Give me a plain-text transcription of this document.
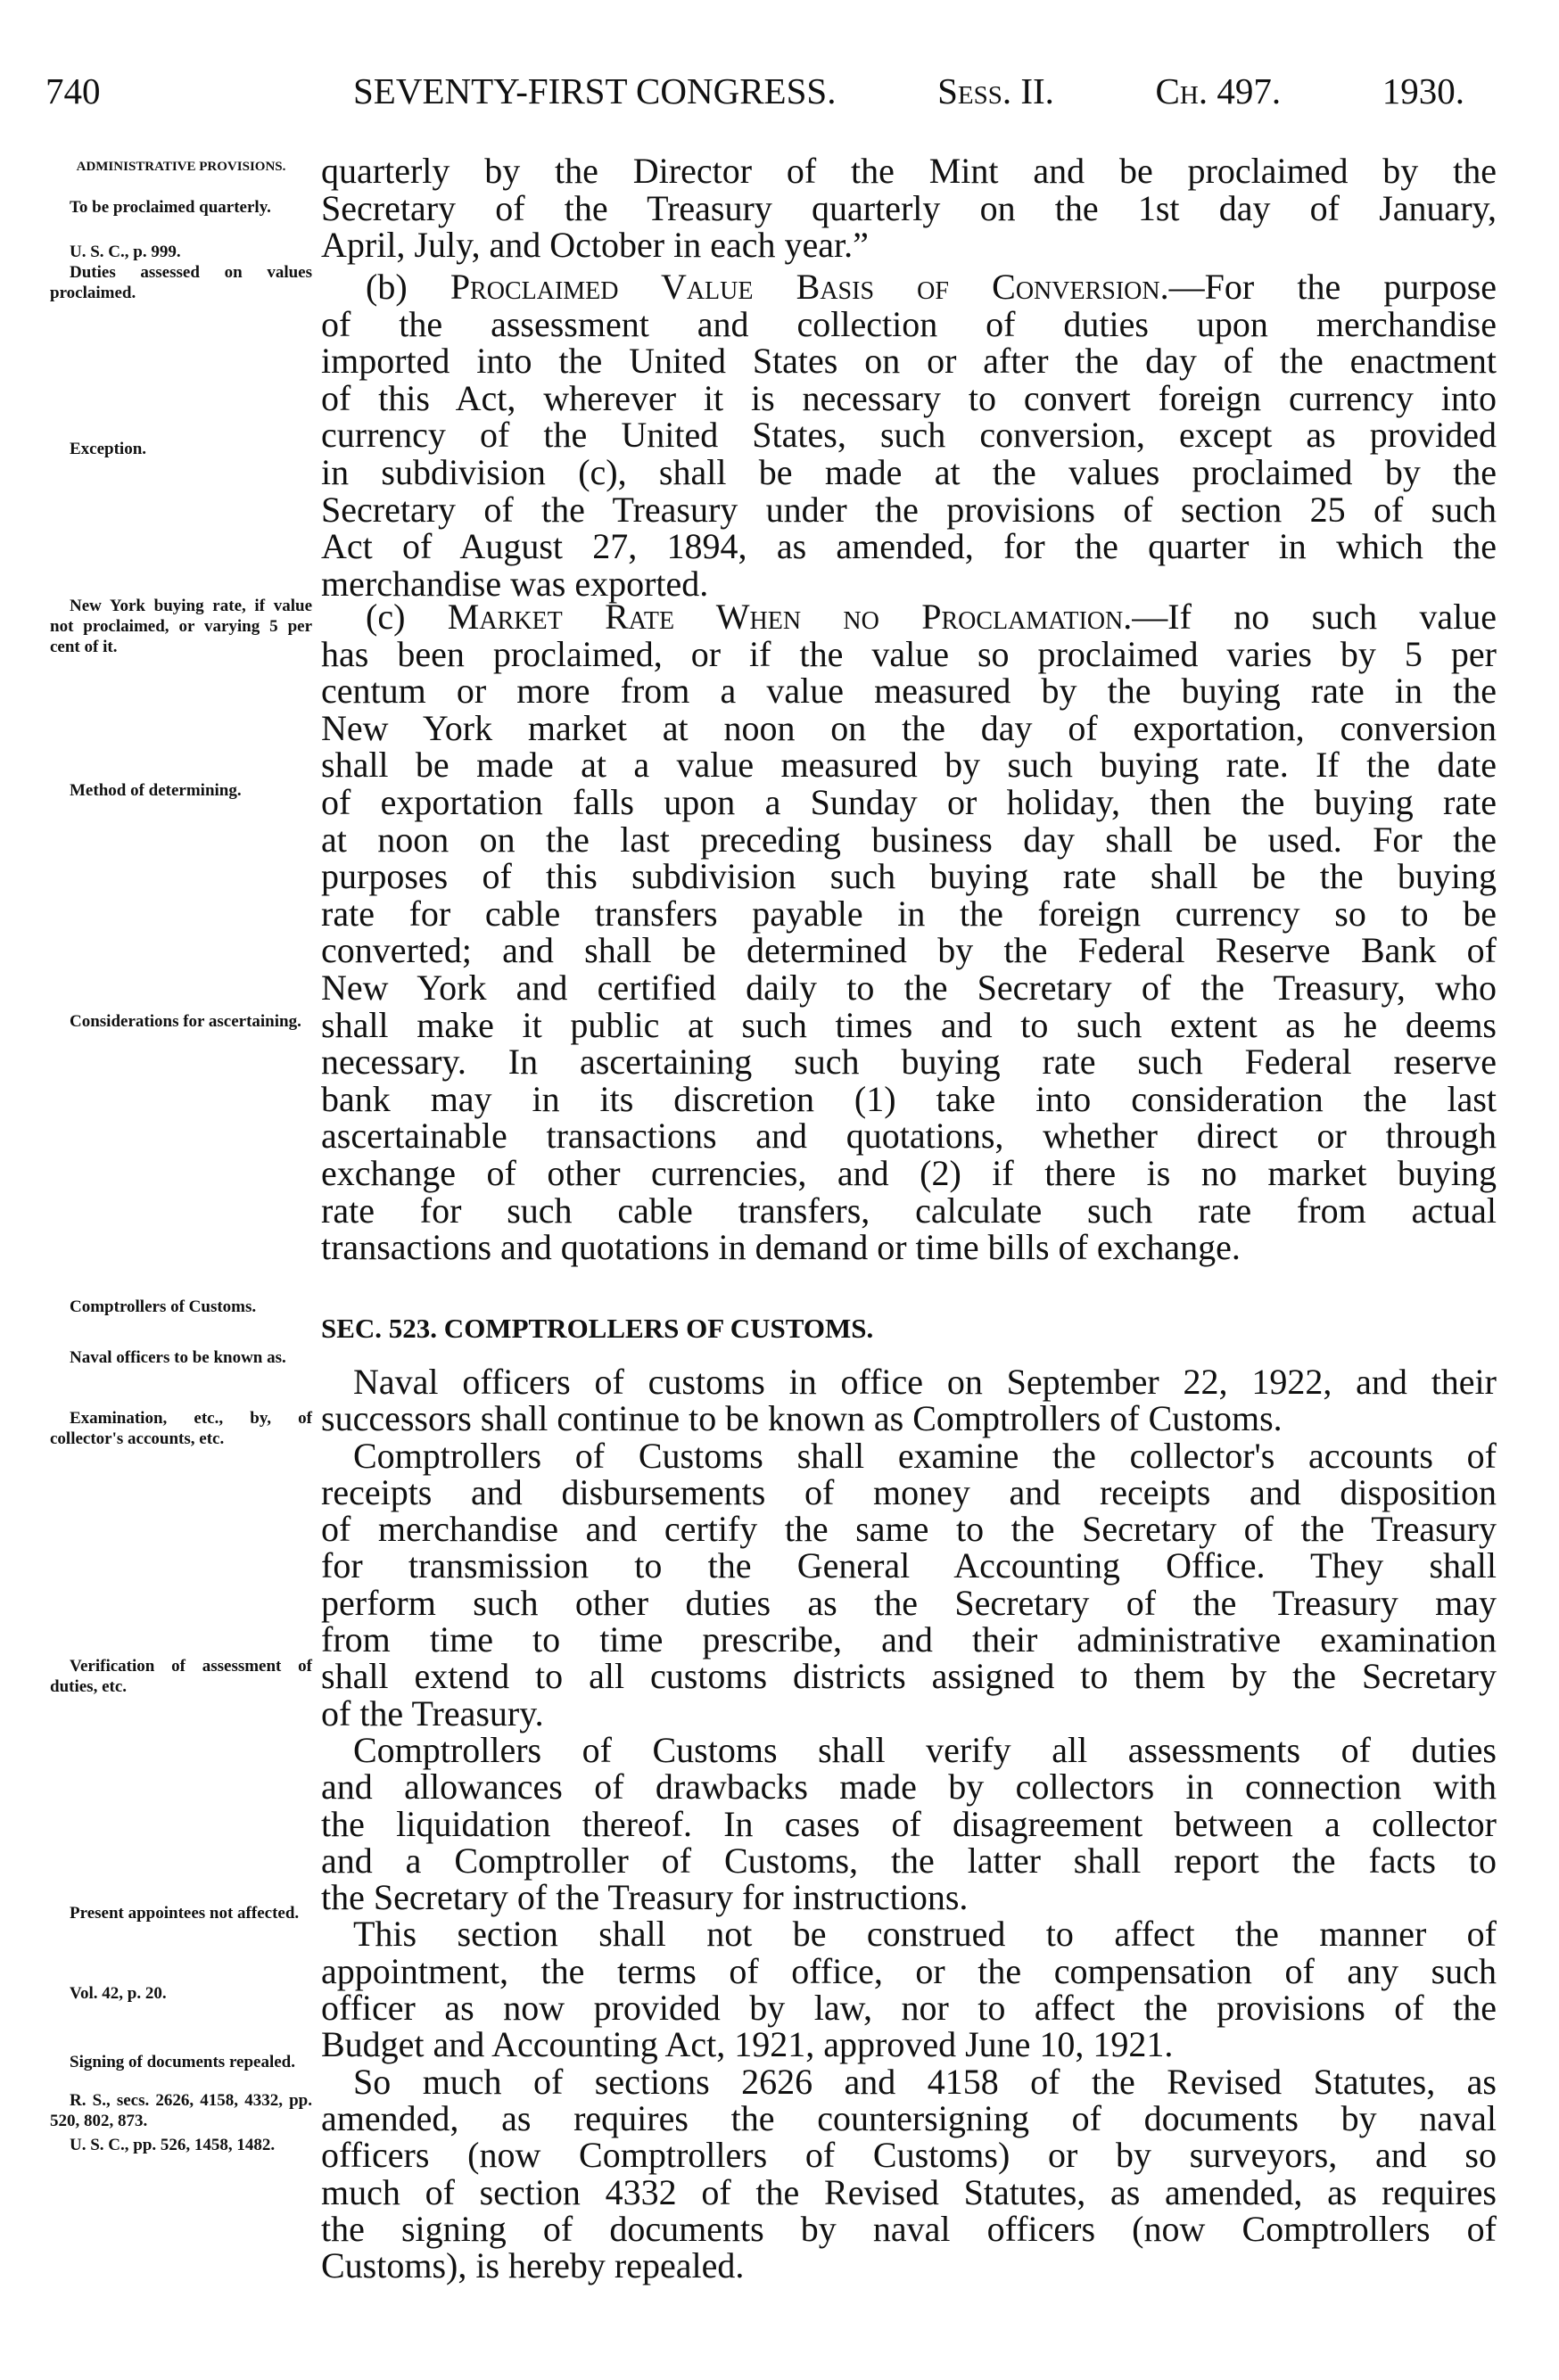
740	SEVENTY-FIRST CONGRESS.	Sess. II.	Ch. 497.	1930.
ADMINISTRATIVE PROVISIONS.
To be proclaimed quarterly.
U. S. C., p. 999.
Duties assessed on values proclaimed.
Exception.
New York buying rate, if value not proclaimed, or varying 5 per cent of it.
Method of determining.
Considerations for ascertaining.
Comptrollers of Customs.
Naval officers to be known as.
Examination, etc., by, of collector's accounts, etc.
Verification of assessment of duties, etc.
Present appointees not affected.
Vol. 42, p. 20.
Signing of documents repealed.
R. S., secs. 2626, 4158, 4332, pp. 520, 802, 873.
U. S. C., pp. 526, 1458, 1482.
quarterly by the Director of the Mint and be proclaimed by the
Secretary of the Treasury quarterly on the 1st day of January,
April, July, and October in each year.”
(b) Proclaimed Value Basis of Conversion.—For the purpose
of the assessment and collection of duties upon merchandise
imported into the United States on or after the day of the enactment
of this Act, wherever it is necessary to convert foreign currency into
currency of the United States, such conversion, except as provided
in subdivision (c), shall be made at the values proclaimed by the
Secretary of the Treasury under the provisions of section 25 of such
Act of August 27, 1894, as amended, for the quarter in which the
merchandise was exported.
(c) Market Rate When no Proclamation.—If no such value
has been proclaimed, or if the value so proclaimed varies by 5 per
centum or more from a value measured by the buying rate in the
New York market at noon on the day of exportation, conversion
shall be made at a value measured by such buying rate. If the date
of exportation falls upon a Sunday or holiday, then the buying rate
at noon on the last preceding business day shall be used. For the
purposes of this subdivision such buying rate shall be the buying
rate for cable transfers payable in the foreign currency so to be
converted; and shall be determined by the Federal Reserve Bank of
New York and certified daily to the Secretary of the Treasury, who
shall make it public at such times and to such extent as he deems
necessary. In ascertaining such buying rate such Federal reserve
bank may in its discretion (1) take into consideration the last
ascertainable transactions and quotations, whether direct or through
exchange of other currencies, and (2) if there is no market buying
rate for such cable transfers, calculate such rate from actual
transactions and quotations in demand or time bills of exchange.
SEC. 523. COMPTROLLERS OF CUSTOMS.
Naval officers of customs in office on September 22, 1922, and their
successors shall continue to be known as Comptrollers of Customs.
Comptrollers of Customs shall examine the collector's accounts of
receipts and disbursements of money and receipts and disposition
of merchandise and certify the same to the Secretary of the Treasury
for transmission to the General Accounting Office. They shall
perform such other duties as the Secretary of the Treasury may
from time to time prescribe, and their administrative examination
shall extend to all customs districts assigned to them by the Secretary
of the Treasury.
Comptrollers of Customs shall verify all assessments of duties
and allowances of drawbacks made by collectors in connection with
the liquidation thereof. In cases of disagreement between a collector
and a Comptroller of Customs, the latter shall report the facts to
the Secretary of the Treasury for instructions.
This section shall not be construed to affect the manner of
appointment, the terms of office, or the compensation of any such
officer as now provided by law, nor to affect the provisions of the
Budget and Accounting Act, 1921, approved June 10, 1921.
So much of sections 2626 and 4158 of the Revised Statutes, as
amended, as requires the countersigning of documents by naval
officers (now Comptrollers of Customs) or by surveyors, and so
much of section 4332 of the Revised Statutes, as amended, as requires
the signing of documents by naval officers (now Comptrollers of
Customs), is hereby repealed.
